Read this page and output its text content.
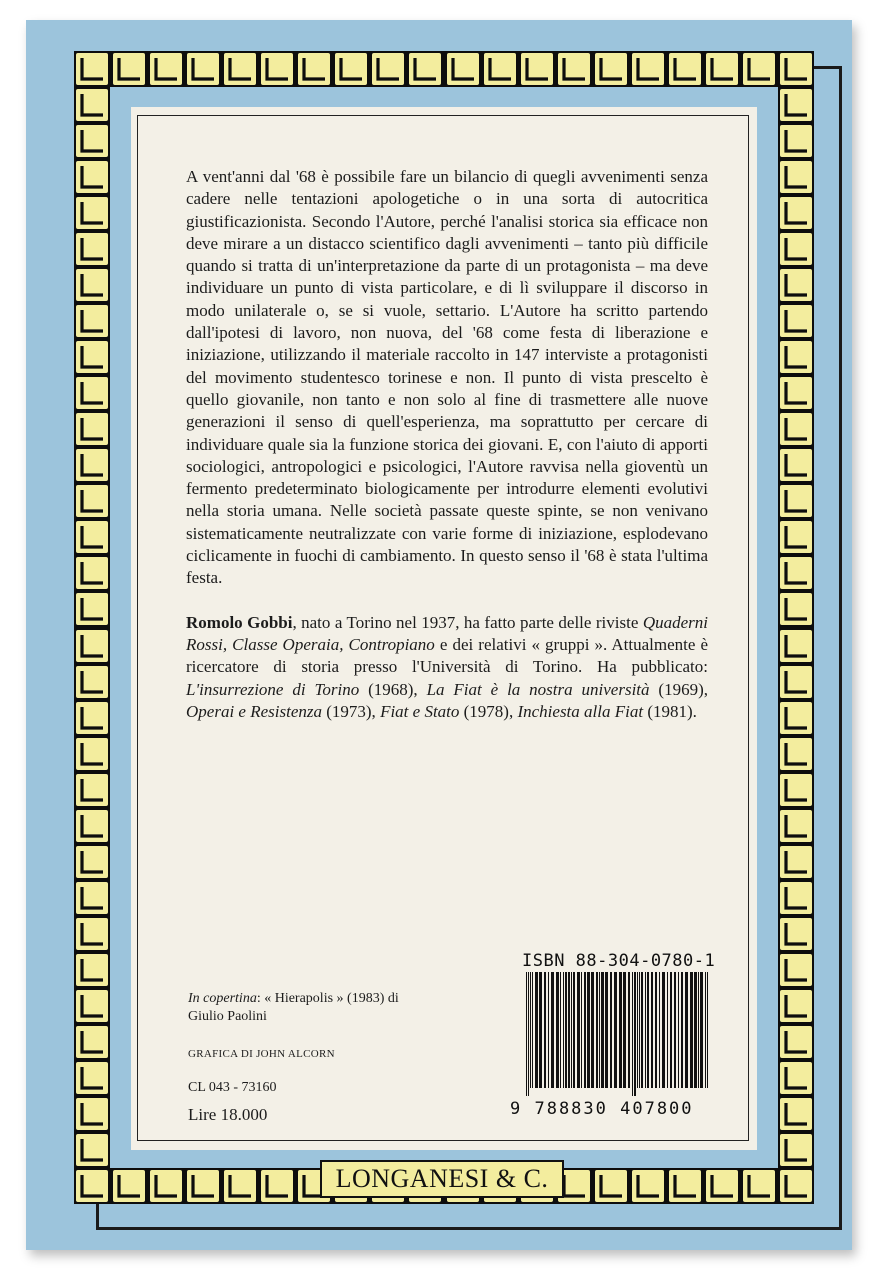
A vent'anni dal '68 è possibile fare un bilancio di quegli avvenimenti senza cadere nelle tentazioni apologetiche o in una sorta di autocritica giustificazionista. Secondo l'Autore, perché l'analisi storica sia efficace non deve mirare a un distacco scientifico dagli avvenimenti – tanto più difficile quando si tratta di un'interpretazione da parte di un protagonista – ma deve individuare un punto di vista particolare, e di lì sviluppare il discorso in modo unilaterale o, se si vuole, settario. L'Autore ha scritto partendo dall'ipotesi di lavoro, non nuova, del '68 come festa di liberazione e iniziazione, utilizzando il materiale raccolto in 147 interviste a protagonisti del movimento studentesco torinese e non. Il punto di vista prescelto è quello giovanile, non tanto e non solo al fine di trasmettere alle nuove generazioni il senso di quell'esperienza, ma soprattutto per cercare di individuare quale sia la funzione storica dei giovani. E, con l'aiuto di apporti sociologici, antropologici e psicologici, l'Autore ravvisa nella gioventù un fermento predeterminato biologicamente per introdurre elementi evolutivi nella storia umana. Nelle società passate queste spinte, se non venivano sistematicamente neutralizzate con varie forme di iniziazione, esplodevano ciclicamente in fuochi di cambiamento. In questo senso il '68 è stata l'ultima festa.

Romolo Gobbi, nato a Torino nel 1937, ha fatto parte delle riviste Quaderni Rossi, Classe Operaia, Contropiano e dei relativi « gruppi ». Attualmente è ricercatore di storia presso l'Università di Torino. Ha pubblicato: L'insurrezione di Torino (1968), La Fiat è la nostra università (1969), Operai e Resistenza (1973), Fiat e Stato (1978), Inchiesta alla Fiat (1981).

In copertina: « Hierapolis » (1983) di Giulio Paolini
GRAFICA DI JOHN ALCORN
CL 043 - 73160
Lire 18.000
ISBN 88-304-0780-1
9 788830 407800
LONGANESI & C.
